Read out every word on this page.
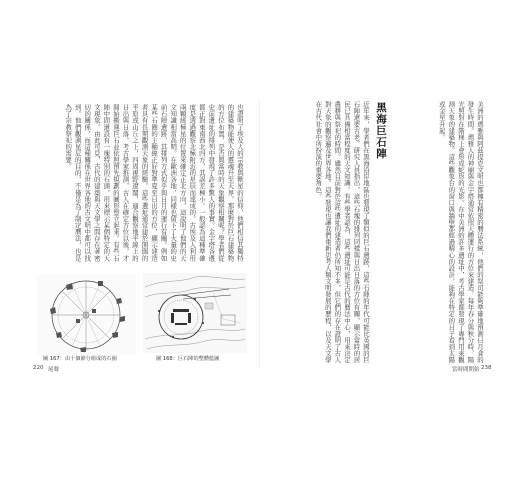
也證明了埃及人的宗教與獸星的信仰，他們相信其獨特的建築物能使人的靈魂升至天界。那麼對於巨石建築物的方位布置，是否與當時的天象觀察相關呢？學者們從史前遺址的排列中發現了許多驚人的事實。金字塔各邊都正對東南西北四方，其誤差極小。一般認為這種準確度是透過觀察北極附近的星辰而達成的。古埃及人利用兩顆繞極星的位置來確定正北方向，這說明了他們的天文知識相當高明。在歐洲各地，同樣也留下了大量的史前石陣遺跡，其排列方式似乎與日月的運行有關。例如某些石圈的主軸線正好對準夏至日出的方位，顯示建造者具有長期觀測天象的經驗。這些遺址通常建於開闊的平原或山丘之上，四周視野遼闊，適合觀察地平線上的日出與日落。考古學家推測，古人在確定方位以後，才開始搬運巨石並依照預先規劃的圖形豎立起來。有些石陣中間還設有一塊特別的石頭，用來標示某個特定的天文現象。由此可見，古代的建築與天文學之間存在著密切的關係，而這種關係在世界各地的古文明中都可以找到。他們觀測星辰的目的，不僅是為了制定曆法，也是為了宗教祭祀的需要。
圖 167：由十個節分組成的石圈	圖 168：巨石陣的整體藍圖
220 尾聲
美洲的瑪雅與阿茲提克文明也都擁有精密的曆法系統，他們的祭司能夠準確地預測日月食的發生時間。瑪雅人的神廟與金字塔通常依照天體運行的方位來建造，每年春分與秋分時，陽光照射在階梯上會形成蛇形的光影。在中美洲的許多遺址中，考古學家都發現了專門用來觀測天象的建築物。這些觀象台的窗口與牆壁都經過精心的設計，能夠在特定的日子看到太陽或金星升起。
黑海巨石陣
近年來，學者們在黑海沿岸地區也發現了類似的巨石遺跡，這些石陣的年代可能比英國的巨石陣還要古老。研究人員指出，這些石塊的排列同樣與日出日落的方位有關，顯示當時的居民已具備相當程度的天文知識。有些學者認為，這些遺址可能是古代的曆法中心，用來決定農耕與祭祀的時間。雖然目前對於這些遺址的建造者仍所知不多，但它們的存在證明了古人對天象的觀察遍及世界各地。這些發現也讓我們重新思考人類文明發展的歷程，以及天文學在古代社會中所扮演的重要角色。
當時間開始 238
